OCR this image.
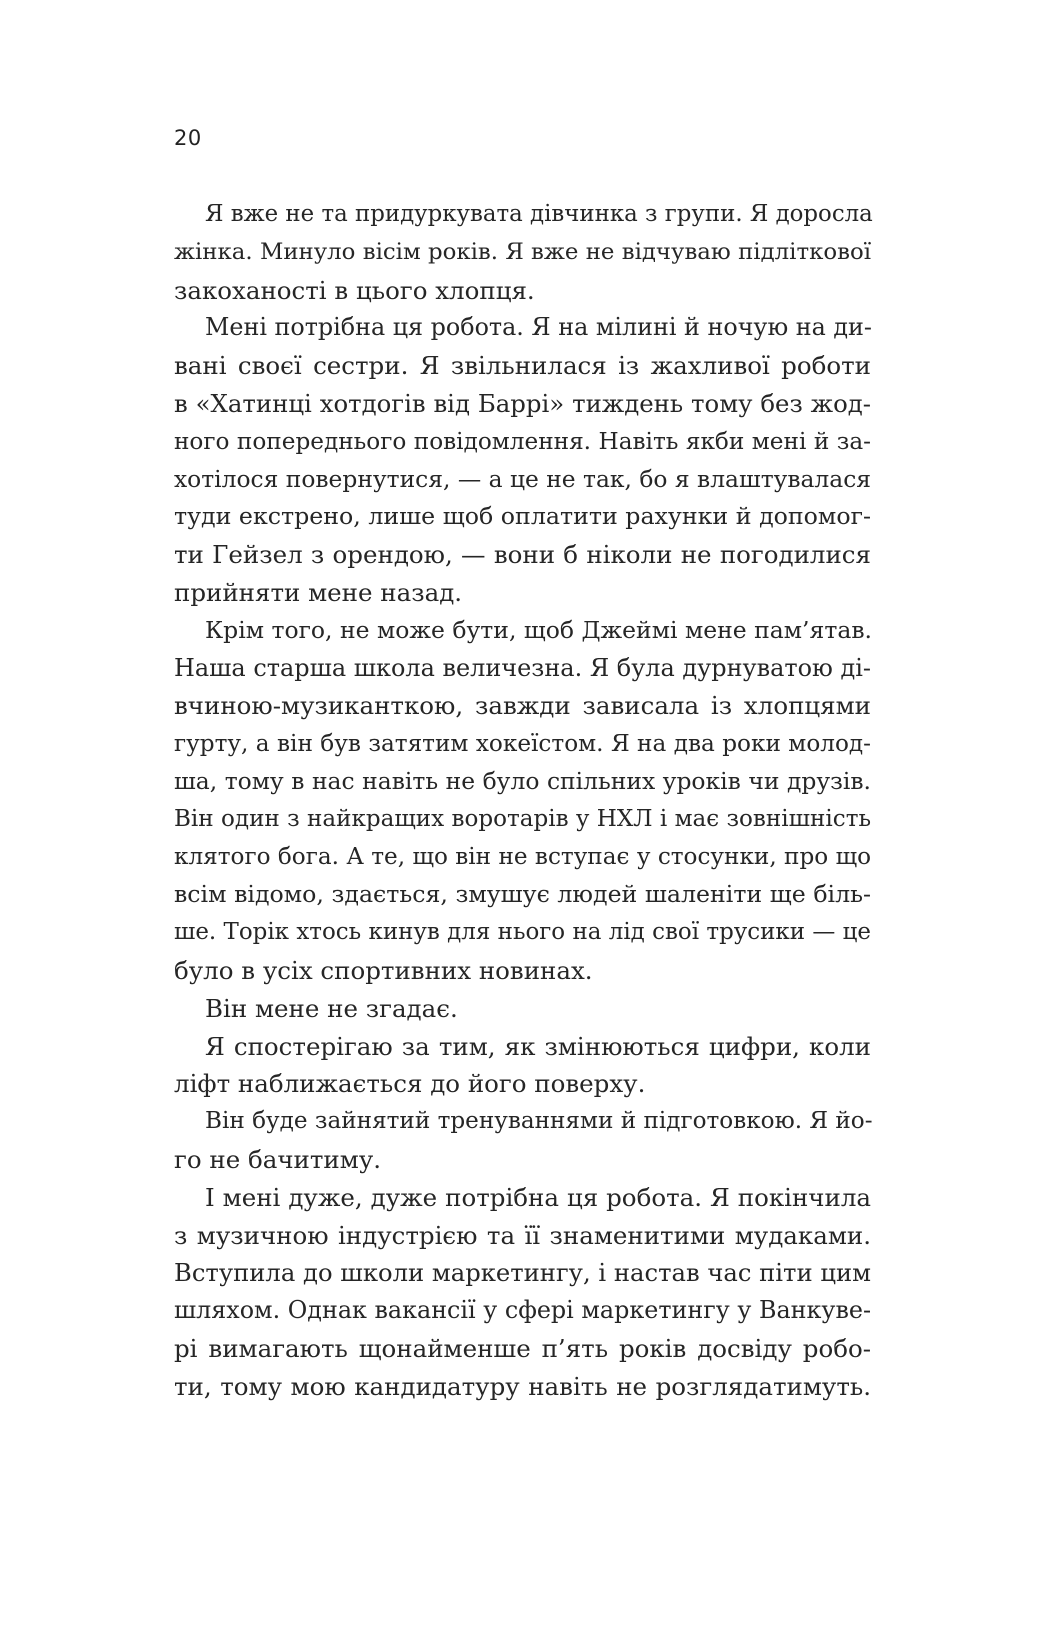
20
Я вже не та придуркувата дівчинка з групи. Я доросла
жінка. Минуло вісім років. Я вже не відчуваю підліткової
закоханості в цього хлопця.
Мені потрібна ця робота. Я на мілині й ночую на ди-
вані своєї сестри. Я звільнилася із жахливої роботи
в «Хатинці хотдогів від Баррі» тиждень тому без жод-
ного попереднього повідомлення. Навіть якби мені й за-
хотілося повернутися, — а це не так, бо я влаштувалася
туди екстрено, лише щоб оплатити рахунки й допомог-
ти Гейзел з орендою, — вони б ніколи не погодилися
прийняти мене назад.
Крім того, не може бути, щоб Джеймі мене пам’ятав.
Наша старша школа величезна. Я була дурнуватою ді-
вчиною-музиканткою, завжди зависала із хлопцями
гурту, а він був затятим хокеїстом. Я на два роки молод-
ша, тому в нас навіть не було спільних уроків чи друзів.
Він один з найкращих воротарів у НХЛ і має зовнішність
клятого бога. А те, що він не вступає у стосунки, про що
всім відомо, здається, змушує людей шаленіти ще біль-
ше. Торік хтось кинув для нього на лід свої трусики — це
було в усіх спортивних новинах.
Він мене не згадає.
Я спостерігаю за тим, як змінюються цифри, коли
ліфт наближається до його поверху.
Він буде зайнятий тренуваннями й підготовкою. Я йо-
го не бачитиму.
І мені дуже, дуже потрібна ця робота. Я покінчила
з музичною індустрією та її знаменитими мудаками.
Вступила до школи маркетингу, і настав час піти цим
шляхом. Однак вакансії у сфері маркетингу у Ванкуве-
рі вимагають щонайменше п’ять років досвіду робо-
ти, тому мою кандидатуру навіть не розглядатимуть.
